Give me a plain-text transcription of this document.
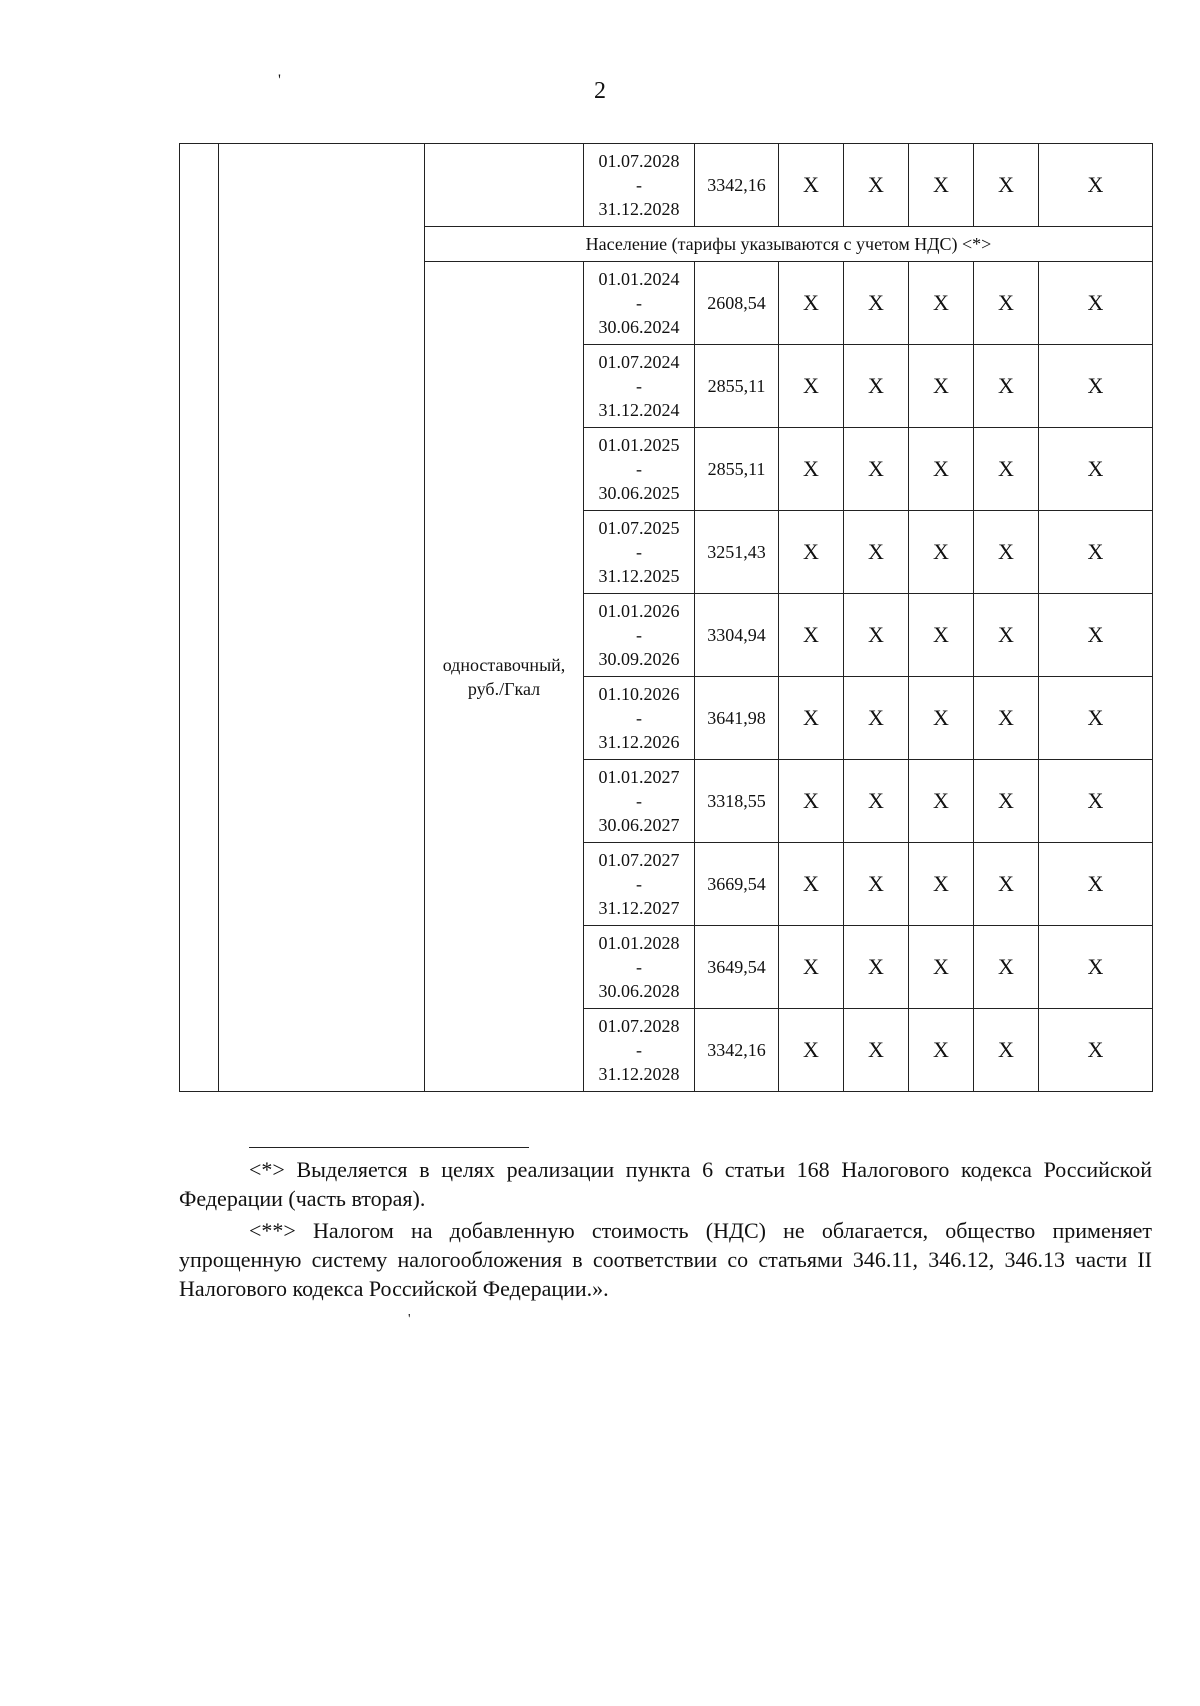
'	2

			01.07.2028
-
31.12.2028	3342,16	X	X	X	X	X
		Население (тарифы указываются с учетом НДС) <*>							
		одноставочный, руб./Гкал	01.01.2024
-
30.06.2024	2608,54	X	X	X	X	X

			01.07.2024
-
31.12.2024	2855,11	X	X	X	X	X

			01.01.2025
-
30.06.2025	2855,11	X	X	X	X	X

			01.07.2025
-
31.12.2025	3251,43	X	X	X	X	X

			01.01.2026
-
30.09.2026	3304,94	X	X	X	X	X

			01.10.2026
-
31.12.2026	3641,98	X	X	X	X	X

			01.01.2027
-
30.06.2027	3318,55	X	X	X	X	X

			01.07.2027
-
31.12.2027	3669,54	X	X	X	X	X

			01.01.2028
-
30.06.2028	3649,54	X	X	X	X	X

			01.07.2028
-
31.12.2028	3342,16	X	X	X	X	X

<*> Выделяется в целях реализации пункта 6 статьи 168 Налогового кодекса Российской Федерации (часть вторая).

<**> Налогом на добавленную стоимость (НДС) не облагается, общество применяет упрощенную систему налогообложения в соответствии со статьями 346.11, 346.12, 346.13 части II Налогового кодекса Российской Федерации.».

'
